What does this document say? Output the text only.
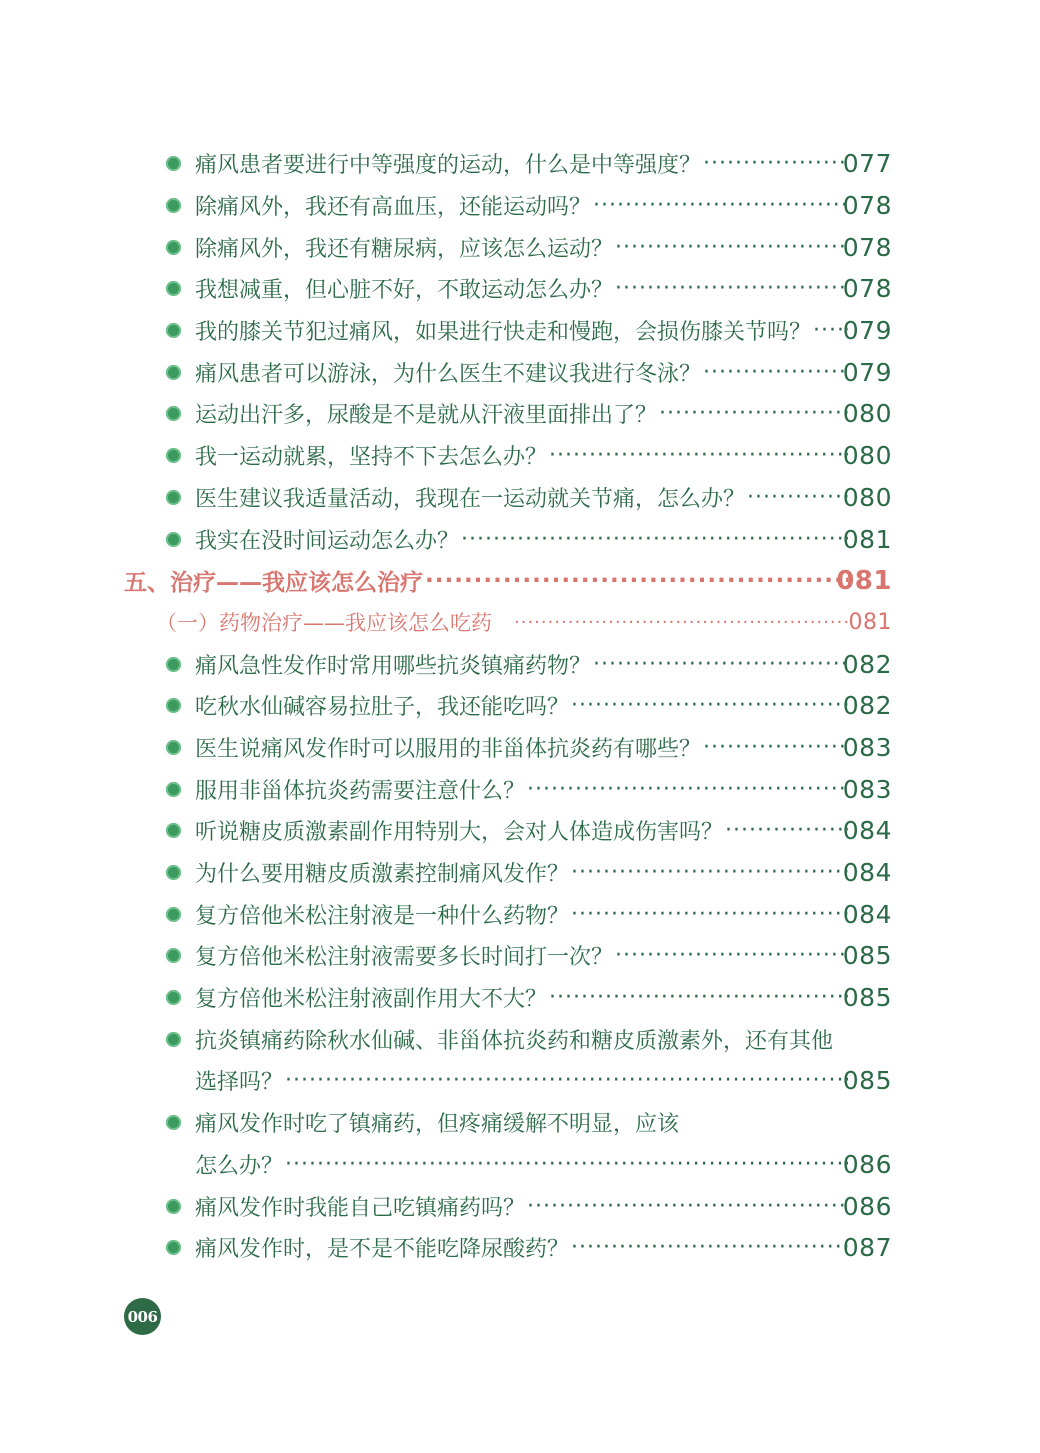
痛风患者要进行中等强度的运动，什么是中等强度？ ·····	077
除痛风外，我还有高血压，还能运动吗？ ·····	078
除痛风外，我还有糖尿病，应该怎么运动？ ·····	078
我想减重，但心脏不好，不敢运动怎么办？ ·····	078
我的膝关节犯过痛风，如果进行快走和慢跑，会损伤膝关节吗？ ····· 079
痛风患者可以游泳，为什么医生不建议我进行冬泳？ ·····	079
运动出汗多，尿酸是不是就从汗液里面排出了？ ·····	080
我一运动就累，坚持不下去怎么办？ ·····	080
医生建议我适量活动，我现在一运动就关节痛，怎么办？ ·····	080
我实在没时间运动怎么办？ ·····	081
五、治疗——我应该怎么治疗 ·····	081
（一）药物治疗——我应该怎么吃药 ·····	081
痛风急性发作时常用哪些抗炎镇痛药物？ ·····	082
吃秋水仙碱容易拉肚子，我还能吃吗？ ·····	082
医生说痛风发作时可以服用的非甾体抗炎药有哪些？ ·····	083
服用非甾体抗炎药需要注意什么？ ·····	083
听说糖皮质激素副作用特别大，会对人体造成伤害吗？ ·····	084
为什么要用糖皮质激素控制痛风发作？ ·····	084
复方倍他米松注射液是一种什么药物？ ·····	084
复方倍他米松注射液需要多长时间打一次？ ·····	085
复方倍他米松注射液副作用大不大？ ·····	085
抗炎镇痛药除秋水仙碱、非甾体抗炎药和糖皮质激素外，还有其他
选择吗？ ·····	085
痛风发作时吃了镇痛药，但疼痛缓解不明显，应该
怎么办？ ·····	086
痛风发作时我能自己吃镇痛药吗？ ·····	086
痛风发作时，是不是不能吃降尿酸药？ ·····	087
006
